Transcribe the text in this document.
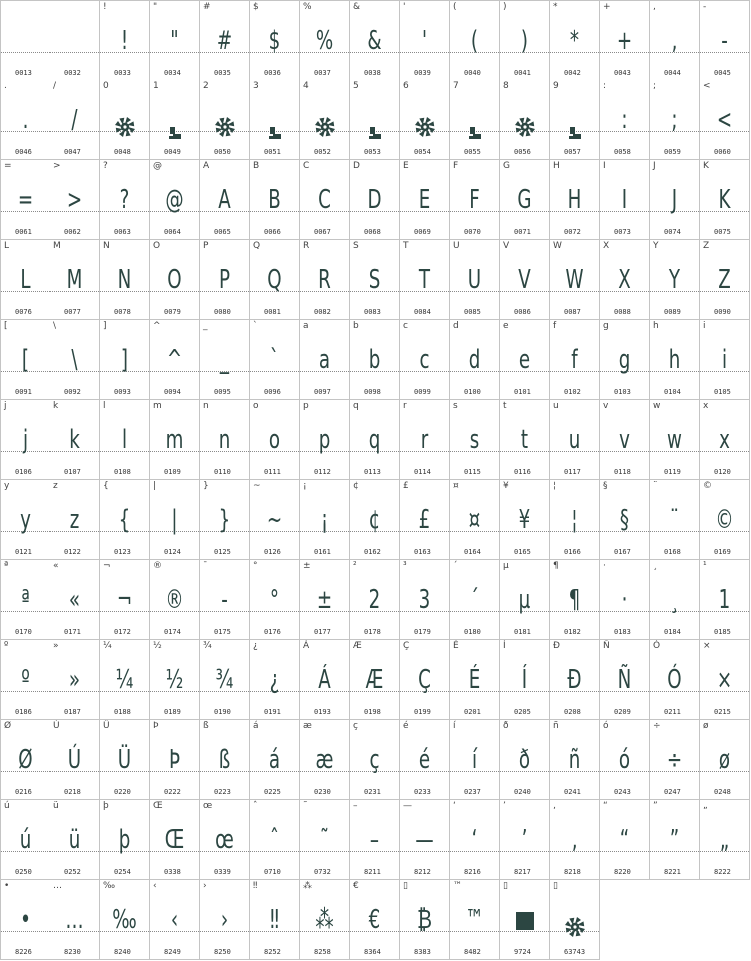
0013	0032
!
!
0033
"
"
0034
#
#
0035
$
$
0036
%
%
0037
&
&
0038
'
'
0039
(
(
0040
)
)
0041
*
*
0042
+
+
0043
,
,
0044
-
-
0045
.
.
0046
/
/
0047
0
0048
1
0049
2
0050
3
0051
4
0052
5
0053
6
0054
7
0055
8
0056
9
0057
:
:
0058
;
;
0059
<
<
0060
=
=
0061
>
>
0062
?
?
0063
@
@
0064
A
A
0065
B
B
0066
C
C
0067
D
D
0068
E
E
0069
F
F
0070
G
G
0071
H
H
0072
I
I
0073
J
J
0074
K
K
0075
L
L
0076
M
M
0077
N
N
0078
O
O
0079
P
P
0080
Q
Q
0081
R
R
0082
S
S
0083
T
T
0084
U
U
0085
V
V
0086
W
W
0087
X
X
0088
Y
Y
0089
Z
Z
0090
[
[
0091
\
\
0092
]
]
0093
^
^
0094
_
_
0095
`
`
0096
a
a
0097
b
b
0098
c
c
0099
d
d
0100
e
e
0101
f
f
0102
g
g
0103
h
h
0104
i
i
0105
j
j
0106
k
k
0107
l
l
0108
m
m
0109
n
n
0110
o
o
0111
p
p
0112
q
q
0113
r
r
0114
s
s
0115
t
t
0116
u
u
0117
v
v
0118
w
w
0119
x
x
0120
y
y
0121
z
z
0122
{
{
0123
|
|
0124
}
}
0125
~
~
0126
¡
¡
0161
¢
¢
0162
£
£
0163
¤
¤
0164
¥
¥
0165
¦
¦
0166
§
§
0167
¨
¨
0168
©
©
0169
ª
ª
0170
«
«
0171
¬
¬
0172
®
®
0174
¯
-
0175
°
°
0176
±
±
0177
²
2
0178
³
3
0179
´
´
0180
µ
µ
0181
¶
¶
0182
·
·
0183
¸
¸
0184
¹
1
0185
º
º
0186
»
»
0187
¼
¼
0188
½
½
0189
¾
¾
0190
¿
¿
0191
Á
Á
0193
Æ
Æ
0198
Ç
Ç
0199
É
É
0201
Í
Í
0205
Ð
Đ
0208
Ñ
Ñ
0209
Ó
Ó
0211
×
×
0215
Ø
Ø
0216
Ú
Ú
0218
Ü
Ü
0220
Þ
Þ
0222
ß
ß
0223
á
á
0225
æ
æ
0230
ç
ç
0231
é
é
0233
í
í
0237
ð
ð
0240
ñ
ñ
0241
ó
ó
0243
÷
÷
0247
ø
ø
0248
ú
ú
0250
ü
ü
0252
þ
þ
0254
Œ
Œ
0338
œ
œ
0339
ˆ
ˆ
0710
˜
˜
0732
–
–
8211
—
—
8212
‘
‘
8216
’
’
8217
‚
‚
8218
“
“
8220
”
”
8221
„
„
8222
•
•
8226
…
…
8230
‰
‰
8240
‹
‹
8249
›
›
8250
‼
‼
8252
⁂
⁂
8258
€
€
8364
▯
₿
8383
™
™
8482
▯
9724
▯
63743
